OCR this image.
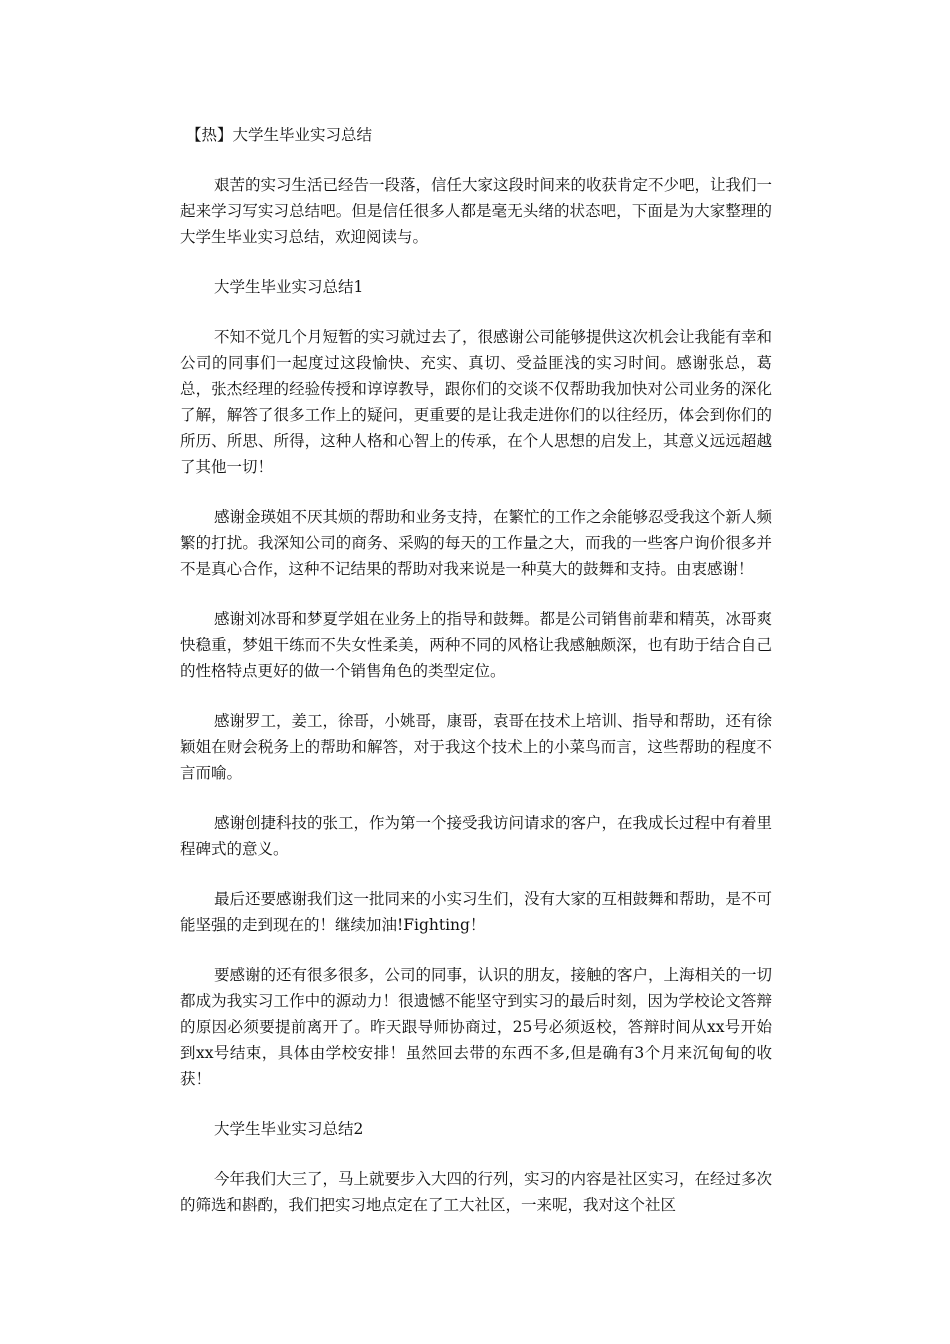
【热】大学生毕业实习总结

艰苦的实习生活已经告一段落，信任大家这段时间来的收获肯定不少吧，让我们一起来学习写实习总结吧。但是信任很多人都是毫无头绪的状态吧，下面是为大家整理的大学生毕业实习总结，欢迎阅读与。

大学生毕业实习总结1

不知不觉几个月短暂的实习就过去了，很感谢公司能够提供这次机会让我能有幸和公司的同事们一起度过这段愉快、充实、真切、受益匪浅的实习时间。感谢张总，葛总，张杰经理的经验传授和谆谆教导，跟你们的交谈不仅帮助我加快对公司业务的深化了解，解答了很多工作上的疑问，更重要的是让我走进你们的以往经历，体会到你们的所历、所思、所得，这种人格和心智上的传承，在个人思想的启发上，其意义远远超越了其他一切！

感谢金瑛姐不厌其烦的帮助和业务支持，在繁忙的工作之余能够忍受我这个新人频繁的打扰。我深知公司的商务、采购的每天的工作量之大，而我的一些客户询价很多并不是真心合作，这种不记结果的帮助对我来说是一种莫大的鼓舞和支持。由衷感谢！

感谢刘冰哥和梦夏学姐在业务上的指导和鼓舞。都是公司销售前辈和精英，冰哥爽快稳重，梦姐干练而不失女性柔美，两种不同的风格让我感触颇深，也有助于结合自己的性格特点更好的做一个销售角色的类型定位。

感谢罗工，姜工，徐哥，小姚哥，康哥，袁哥在技术上培训、指导和帮助，还有徐颖姐在财会税务上的帮助和解答，对于我这个技术上的小菜鸟而言，这些帮助的程度不言而喻。

感谢创捷科技的张工，作为第一个接受我访问请求的客户，在我成长过程中有着里程碑式的意义。

最后还要感谢我们这一批同来的小实习生们，没有大家的互相鼓舞和帮助，是不可能坚强的走到现在的！继续加油!Fighting！

要感谢的还有很多很多，公司的同事，认识的朋友，接触的客户，上海相关的一切都成为我实习工作中的源动力！很遗憾不能坚守到实习的最后时刻，因为学校论文答辩的原因必须要提前离开了。昨天跟导师协商过，25号必须返校，答辩时间从xx号开始到xx号结束，具体由学校安排！虽然回去带的东西不多,但是确有3个月来沉甸甸的收获！

大学生毕业实习总结2

今年我们大三了，马上就要步入大四的行列，实习的内容是社区实习，在经过多次的筛选和斟酌，我们把实习地点定在了工大社区，一来呢，我对这个社区
